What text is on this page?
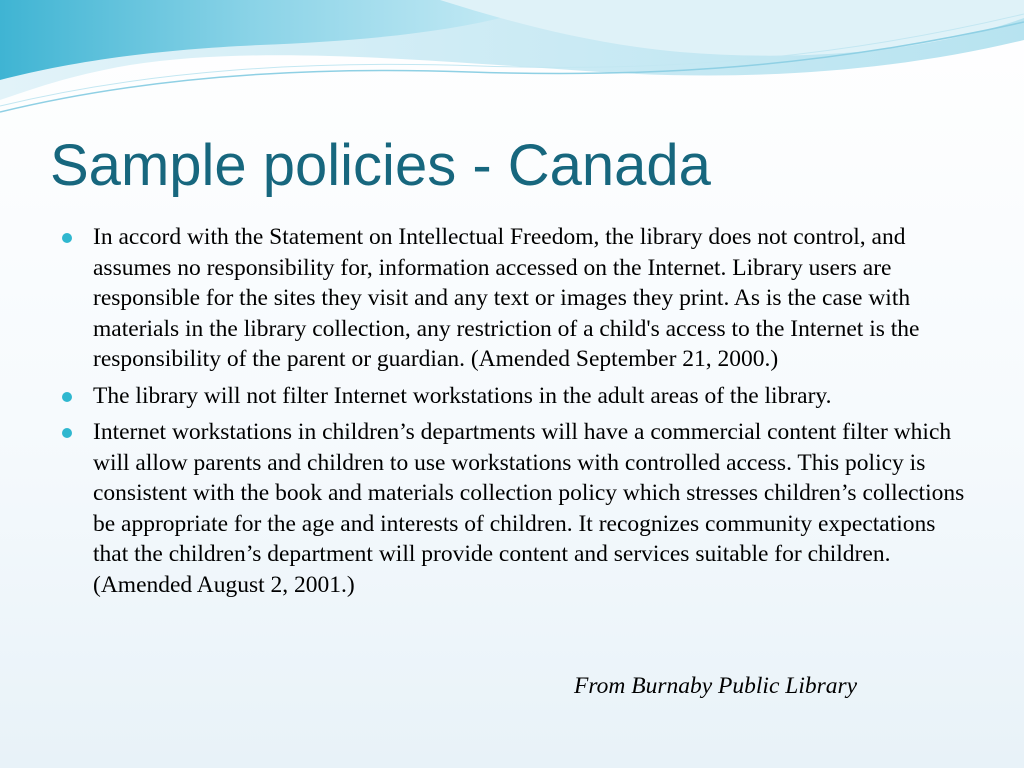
Sample policies - Canada
In accord with the Statement on Intellectual Freedom, the library does not control, and assumes no responsibility for, information accessed on the Internet. Library users are responsible for the sites they visit and any text or images they print. As is the case with materials in the library collection, any restriction of a child's access to the Internet is the responsibility of the parent or guardian. (Amended September 21, 2000.)
The library will not filter Internet workstations in the adult areas of the library.
Internet workstations in children’s departments will have a commercial content filter which will allow parents and children to use workstations with controlled access. This policy is consistent with the book and materials collection policy which stresses children’s collections be appropriate for the age and interests of children. It recognizes community expectations that the children’s department will provide content and services suitable for children. (Amended August 2, 2001.)

From Burnaby Public Library
